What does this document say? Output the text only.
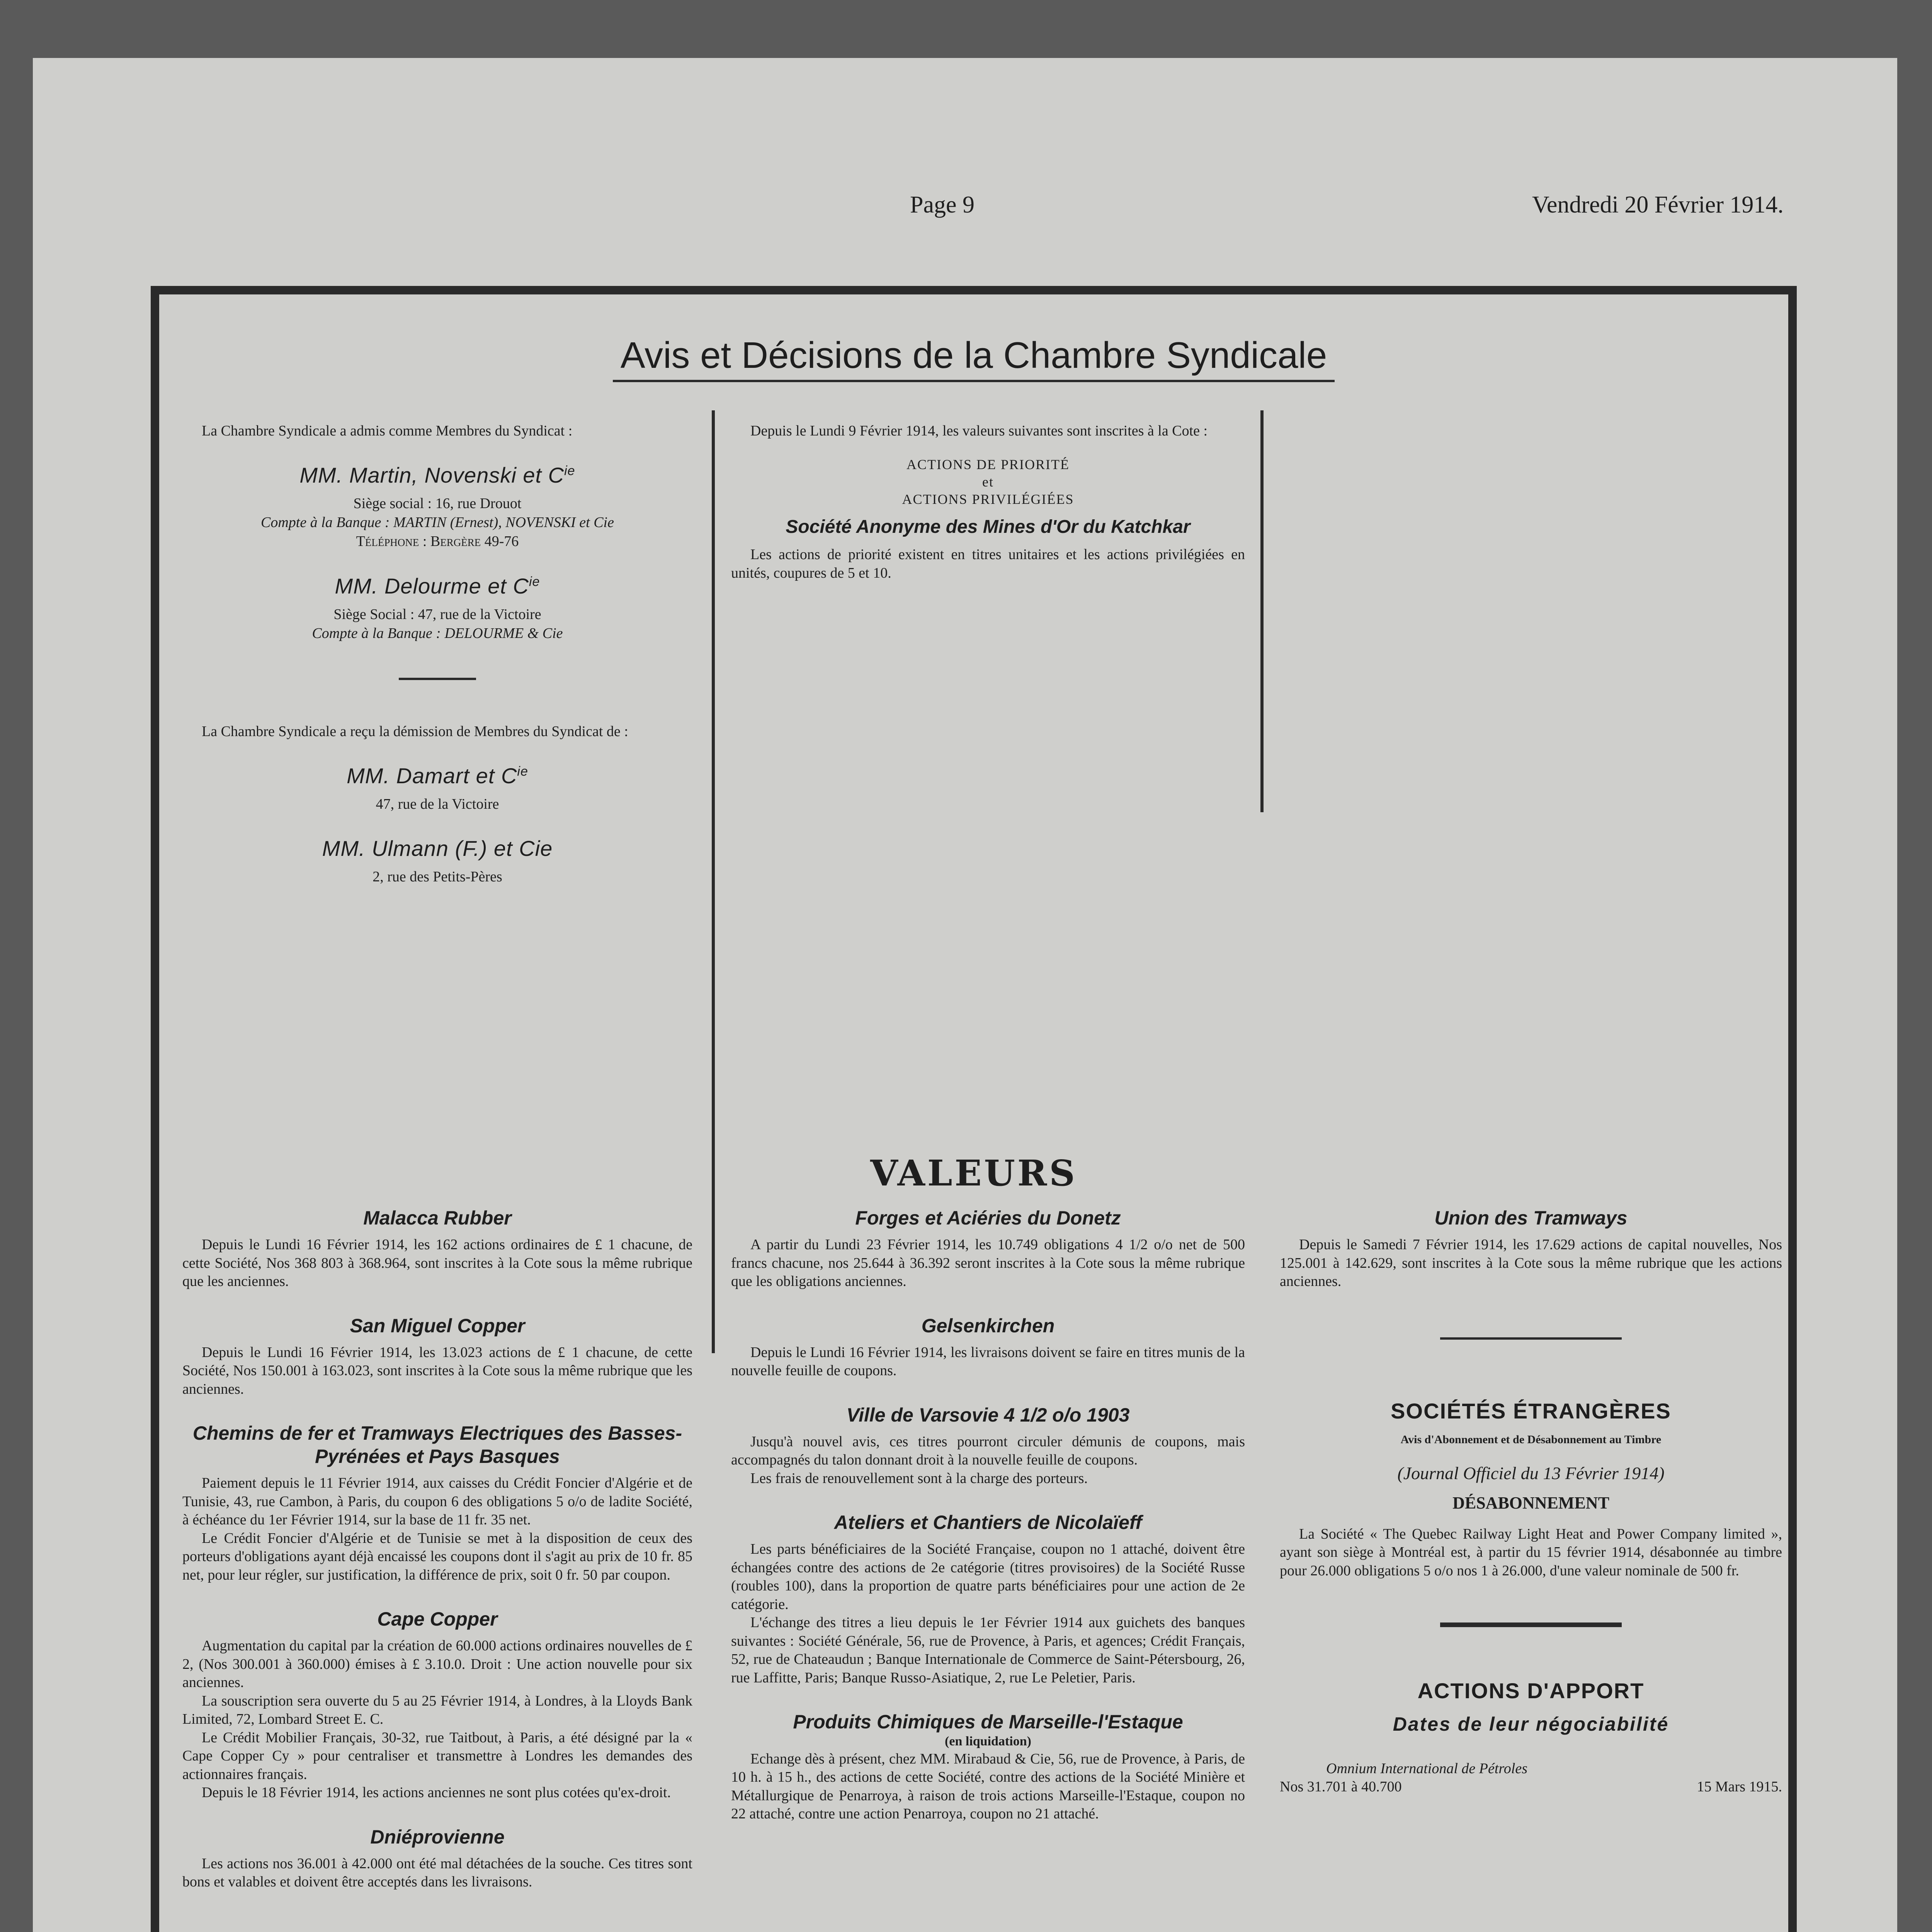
Page 9	Vendredi 20 Février 1914.
Avis et Décisions de la Chambre Syndicale

La Chambre Syndicale a admis comme Membres du Syndicat :

MM. Martin, Novenski et $C^{ie}$
Siège social : 16, rue Drouot
Compte à la Banque : MARTIN (Ernest), NOVENSKI et Cie
Téléphone : Bergère 49-76
MM. Delourme et $C^{ie}$
Siège Social : 47, rue de la Victoire
Compte à la Banque : DELOURME & Cie

La Chambre Syndicale a reçu la démission de Membres du Syndicat de :

MM. Damart et $C^{ie}$
47, rue de la Victoire
MM. Ulmann (F.) et Cie
2, rue des Petits-Pères

Depuis le Lundi 9 Février 1914, les valeurs suivantes sont inscrites à la Cote :

ACTIONS DE PRIORITÉ
et
ACTIONS PRIVILÉGIÉES
Société Anonyme des Mines d'Or du Katchkar

Les actions de priorité existent en titres unitaires et les actions privilégiées en unités, coupures de 5 et 10.

VALEURS
Malacca Rubber

Depuis le Lundi 16 Février 1914, les 162 actions ordinaires de £ 1 chacune, de cette Société, Nos 368 803 à 368.964, sont inscrites à la Cote sous la même rubrique que les anciennes.

San Miguel Copper

Depuis le Lundi 16 Février 1914, les 13.023 actions de £ 1 chacune, de cette Société, Nos 150.001 à 163.023, sont inscrites à la Cote sous la même rubrique que les anciennes.

Chemins de fer et Tramways Electriques des Basses-Pyrénées et Pays Basques

Paiement depuis le 11 Février 1914, aux caisses du Crédit Foncier d'Algérie et de Tunisie, 43, rue Cambon, à Paris, du coupon 6 des obligations 5 o/o de ladite Société, à échéance du 1er Février 1914, sur la base de 11 fr. 35 net.

Le Crédit Foncier d'Algérie et de Tunisie se met à la disposition de ceux des porteurs d'obligations ayant déjà encaissé les coupons dont il s'agit au prix de 10 fr. 85 net, pour leur régler, sur justification, la différence de prix, soit 0 fr. 50 par coupon.

Cape Copper

Augmentation du capital par la création de 60.000 actions ordinaires nouvelles de £ 2, (Nos 300.001 à 360.000) émises à £ 3.10.0. Droit : Une action nouvelle pour six anciennes.

La souscription sera ouverte du 5 au 25 Février 1914, à Londres, à la Lloyds Bank Limited, 72, Lombard Street E. C.

Le Crédit Mobilier Français, 30-32, rue Taitbout, à Paris, a été désigné par la « Cape Copper Cy » pour centraliser et transmettre à Londres les demandes des actionnaires français.

Depuis le 18 Février 1914, les actions anciennes ne sont plus cotées qu'ex-droit.

Dniéprovienne

Les actions nos 36.001 à 42.000 ont été mal détachées de la souche. Ces titres sont bons et valables et doivent être acceptés dans les livraisons.

Forges et Aciéries du Donetz

A partir du Lundi 23 Février 1914, les 10.749 obligations 4 1/2 o/o net de 500 francs chacune, nos 25.644 à 36.392 seront inscrites à la Cote sous la même rubrique que les obligations anciennes.

Gelsenkirchen

Depuis le Lundi 16 Février 1914, les livraisons doivent se faire en titres munis de la nouvelle feuille de coupons.

Ville de Varsovie 4 1/2 o/o 1903

Jusqu'à nouvel avis, ces titres pourront circuler démunis de coupons, mais accompagnés du talon donnant droit à la nouvelle feuille de coupons.

Les frais de renouvellement sont à la charge des porteurs.

Ateliers et Chantiers de Nicolaïeff

Les parts bénéficiaires de la Société Française, coupon no 1 attaché, doivent être échangées contre des actions de 2e catégorie (titres provisoires) de la Société Russe (roubles 100), dans la proportion de quatre parts bénéficiaires pour une action de 2e catégorie.

L'échange des titres a lieu depuis le 1er Février 1914 aux guichets des banques suivantes : Société Générale, 56, rue de Provence, à Paris, et agences; Crédit Français, 52, rue de Chateaudun ; Banque Internationale de Commerce de Saint-Pétersbourg, 26, rue Laffitte, Paris; Banque Russo-Asiatique, 2, rue Le Peletier, Paris.

Produits Chimiques de Marseille-l'Estaque
(en liquidation)

Echange dès à présent, chez MM. Mirabaud & Cie, 56, rue de Provence, à Paris, de 10 h. à 15 h., des actions de cette Société, contre des actions de la Société Minière et Métallurgique de Penarroya, à raison de trois actions Marseille-l'Estaque, coupon no 22 attaché, contre une action Penarroya, coupon no 21 attaché.

Union des Tramways

Depuis le Samedi 7 Février 1914, les 17.629 actions de capital nouvelles, Nos 125.001 à 142.629, sont inscrites à la Cote sous la même rubrique que les actions anciennes.

SOCIÉTÉS ÉTRANGÈRES
Avis d'Abonnement et de Désabonnement au Timbre
(Journal Officiel du 13 Février 1914)
DÉSABONNEMENT

La Société « The Quebec Railway Light Heat and Power Company limited », ayant son siège à Montréal est, à partir du 15 février 1914, désabonnée au timbre pour 26.000 obligations 5 o/o nos 1 à 26.000, d'une valeur nominale de 500 fr.

ACTIONS D'APPORT
Dates de leur négociabilité
Omnium International de Pétroles
Nos 31.701 à 40.700	15 Mars 1915.
